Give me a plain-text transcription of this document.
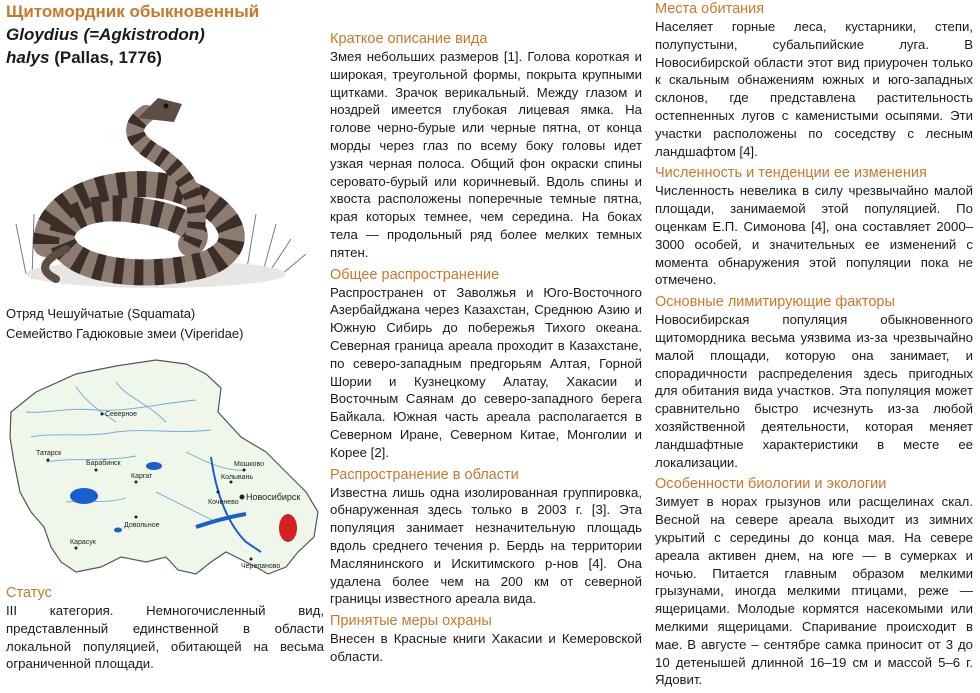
Щитомордник обыкновенный
Gloydius (=Agkistrodon)
halys (Pallas, 1776)
Отряд Чешуйчатые (Squamata)
Семейство Гадюковые змеи (Viperidae)
Северное
Татарск
Барабинск
Каргат
Коченево
Новосибирск
Мошково
Колывань
Довольное
Карасук
Черепаново
Статус
III категория. Немногочисленный вид, представленный единственной в области локальной популяцией, обитающей на весьма ограниченной площади.
Краткое описание вида
Змея небольших размеров [1]. Голова короткая и широкая, треугольной формы, покрыта крупными щитками. Зрачок верикальный. Между глазом и ноздрей имеется глубокая лицевая ямка. На голове черно-бурые или черные пятна, от конца морды через глаз по всему боку головы идет узкая черная полоса. Общий фон окраски спины серовато-бурый или коричневый. Вдоль спины и хвоста расположены поперечные темные пятна, края которых темнее, чем середина. На боках тела — продольный ряд более мелких темных пятен.
Общее распространение
Распространен от Заволжья и Юго-Восточного Азербайджана через Казахстан, Среднюю Азию и Южную Сибирь до побережья Тихого океана. Северная граница ареала проходит в Казахстане, по северо-западным предгорьям Алтая, Горной Шории и Кузнецкому Алатау, Хакасии и Восточным Саянам до северо-западного берега Байкала. Южная часть ареала располагается в Северном Иране, Северном Китае, Монголии и Корее [2].
Распространение в области
Известна лишь одна изолированная группировка, обнаруженная здесь только в 2003 г. [3]. Эта популяция занимает незначительную площадь вдоль среднего течения р. Бердь на территории Маслянинского и Искитимского р-нов [4]. Она удалена более чем на 200 км от северной границы известного ареала вида.
Принятые меры охраны
Внесен в Красные книги Хакасии и Кемеровской области.
Места обитания
Населяет горные леса, кустарники, степи, полупустыни, субальпийские луга. В Новосибирской области этот вид приурочен только к скальным обнажениям южных и юго-западных склонов, где представлена растительность остепненных лугов с каменистыми осыпями. Эти участки расположены по соседству с лесным ландшафтом [4].
Численность и тенденции ее изменения
Численность невелика в силу чрезвычайно малой площади, занимаемой этой популяцией. По оценкам Е.П. Симонова [4], она составляет 2000–3000 особей, и значительных ее изменений с момента обнаружения этой популяции пока не отмечено.
Основные лимитирующие факторы
Новосибирская популяция обыкновенного щитомордника весьма уязвима из-за чрезвычайно малой площади, которую она занимает, и спорадичности распределения здесь пригодных для обитания вида участков. Эта популяция может сравнительно быстро исчезнуть из-за любой хозяйственной деятельности, которая меняет ландшафтные характеристики в месте ее локализации.
Особенности биологии и экологии
Зимует в норах грызунов или расщелинах скал. Весной на севере ареала выходит из зимних укрытий с середины до конца мая. На севере ареала активен днем, на юге — в сумерках и ночью. Питается главным образом мелкими грызунами, иногда мелкими птицами, реже — ящерицами. Молодые кормятся насекомыми или мелкими ящерицами. Спаривание происходит в мае. В августе – сентябре самка приносит от 3 до 10 детенышей длинной 16–19 см и массой 5–6 г. Ядовит.
